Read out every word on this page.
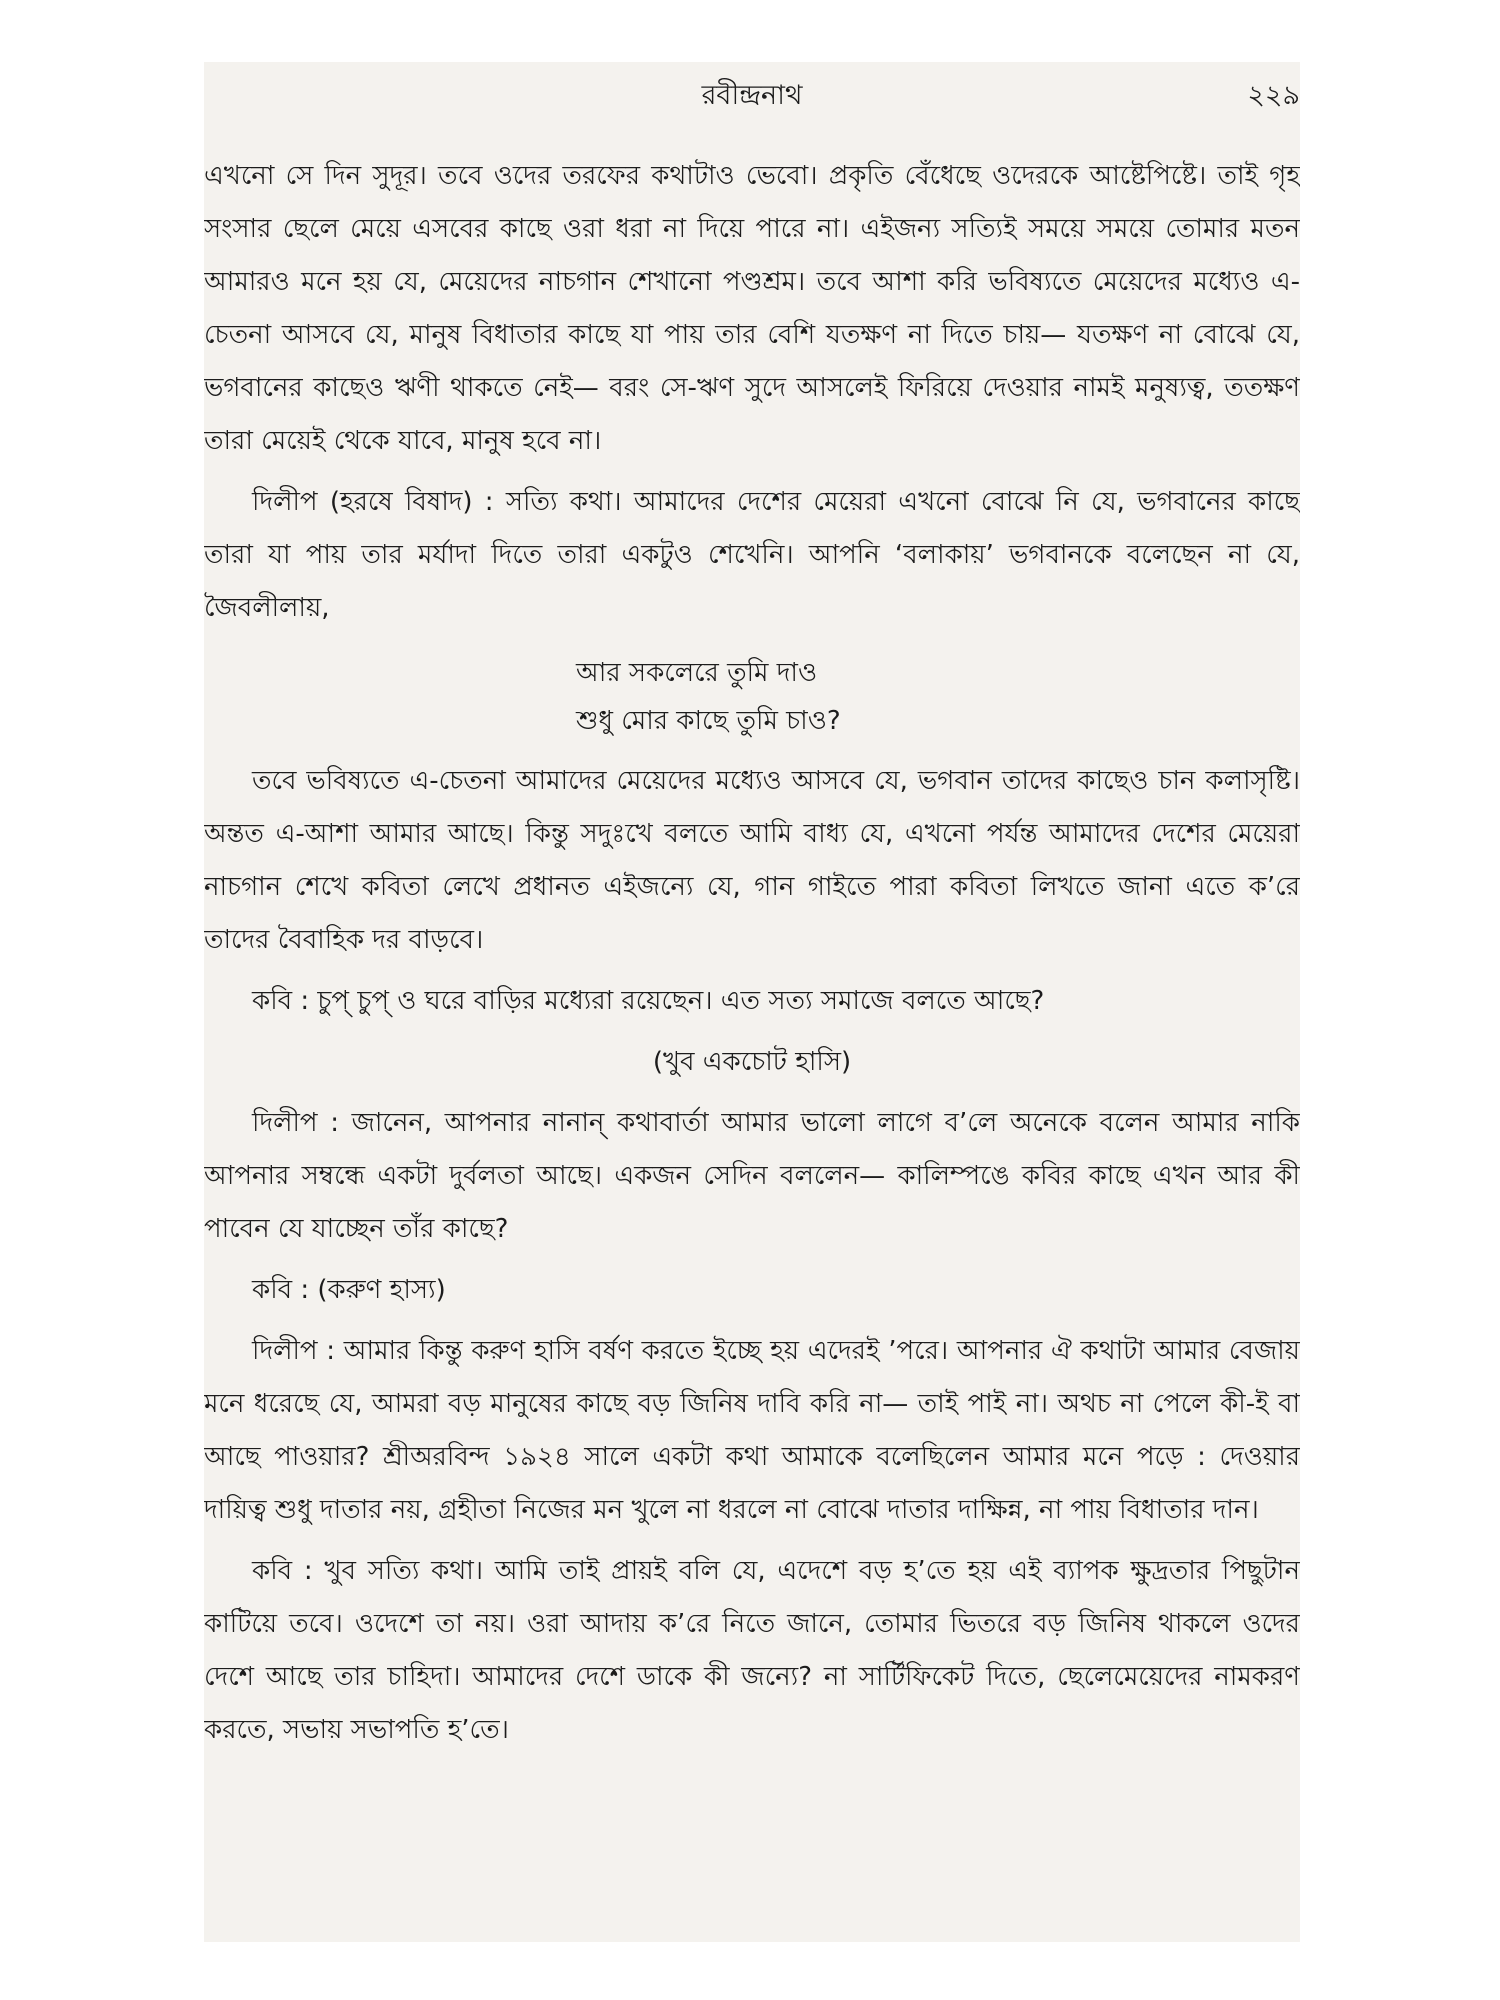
রবীন্দ্রনাথ	২২৯

এখনো সে দিন সুদূর। তবে ওদের তরফের কথাটাও ভেবো। প্রকৃতি বেঁধেছে ওদেরকে আষ্টেপিষ্টে। তাই গৃহ সংসার ছেলে মেয়ে এসবের কাছে ওরা ধরা না দিয়ে পারে না। এইজন্য সত্যিই সময়ে সময়ে তোমার মতন আমারও মনে হয় যে, মেয়েদের নাচগান শেখানো পণ্ডশ্রম। তবে আশা করি ভবিষ্যতে মেয়েদের মধ্যেও এ-চেতনা আসবে যে, মানুষ বিধাতার কাছে যা পায় তার বেশি যতক্ষণ না দিতে চায়— যতক্ষণ না বোঝে যে, ভগবানের কাছেও ঋণী থাকতে নেই— বরং সে-ঋণ সুদে আসলেই ফিরিয়ে দেওয়ার নামই মনুষ্যত্ব, ততক্ষণ তারা মেয়েই থেকে যাবে, মানুষ হবে না।

দিলীপ (হরষে বিষাদ) : সত্যি কথা। আমাদের দেশের মেয়েরা এখনো বোঝে নি যে, ভগবানের কাছে তারা যা পায় তার মর্যাদা দিতে তারা একটুও শেখেনি। আপনি ‘বলাকায়’ ভগবানকে বলেছেন না যে, জৈবলীলায়,

আর সকলেরে তুমি দাও
শুধু মোর কাছে তুমি চাও?

তবে ভবিষ্যতে এ-চেতনা আমাদের মেয়েদের মধ্যেও আসবে যে, ভগবান তাদের কাছেও চান কলাসৃষ্টি। অন্তত এ-আশা আমার আছে। কিন্তু সদুঃখে বলতে আমি বাধ্য যে, এখনো পর্যন্ত আমাদের দেশের মেয়েরা নাচগান শেখে কবিতা লেখে প্রধানত এইজন্যে যে, গান গাইতে পারা কবিতা লিখতে জানা এতে ক’রে তাদের বৈবাহিক দর বাড়বে।

কবি : চুপ্ চুপ্ ও ঘরে বাড়ির মধ্যেরা রয়েছেন। এত সত্য সমাজে বলতে আছে?

(খুব একচোট হাসি)

দিলীপ : জানেন, আপনার নানান্ কথাবার্তা আমার ভালো লাগে ব’লে অনেকে বলেন আমার নাকি আপনার সম্বন্ধে একটা দুর্বলতা আছে। একজন সেদিন বললেন— কালিম্পঙে কবির কাছে এখন আর কী পাবেন যে যাচ্ছেন তাঁর কাছে?

কবি : (করুণ হাস্য)

দিলীপ : আমার কিন্তু করুণ হাসি বর্ষণ করতে ইচ্ছে হয় এদেরই ’পরে। আপনার ঐ কথাটা আমার বেজায় মনে ধরেছে যে, আমরা বড় মানুষের কাছে বড় জিনিষ দাবি করি না— তাই পাই না। অথচ না পেলে কী-ই বা আছে পাওয়ার? শ্রীঅরবিন্দ ১৯২৪ সালে একটা কথা আমাকে বলেছিলেন আমার মনে পড়ে : দেওয়ার দায়িত্ব শুধু দাতার নয়, গ্রহীতা নিজের মন খুলে না ধরলে না বোঝে দাতার দাক্ষিন্ন, না পায় বিধাতার দান।

কবি : খুব সত্যি কথা। আমি তাই প্রায়ই বলি যে, এদেশে বড় হ’তে হয় এই ব্যাপক ক্ষুদ্রতার পিছুটান কাটিয়ে তবে। ওদেশে তা নয়। ওরা আদায় ক’রে নিতে জানে, তোমার ভিতরে বড় জিনিষ থাকলে ওদের দেশে আছে তার চাহিদা। আমাদের দেশে ডাকে কী জন্যে? না সার্টিফিকেট দিতে, ছেলেমেয়েদের নামকরণ করতে, সভায় সভাপতি হ’তে।
